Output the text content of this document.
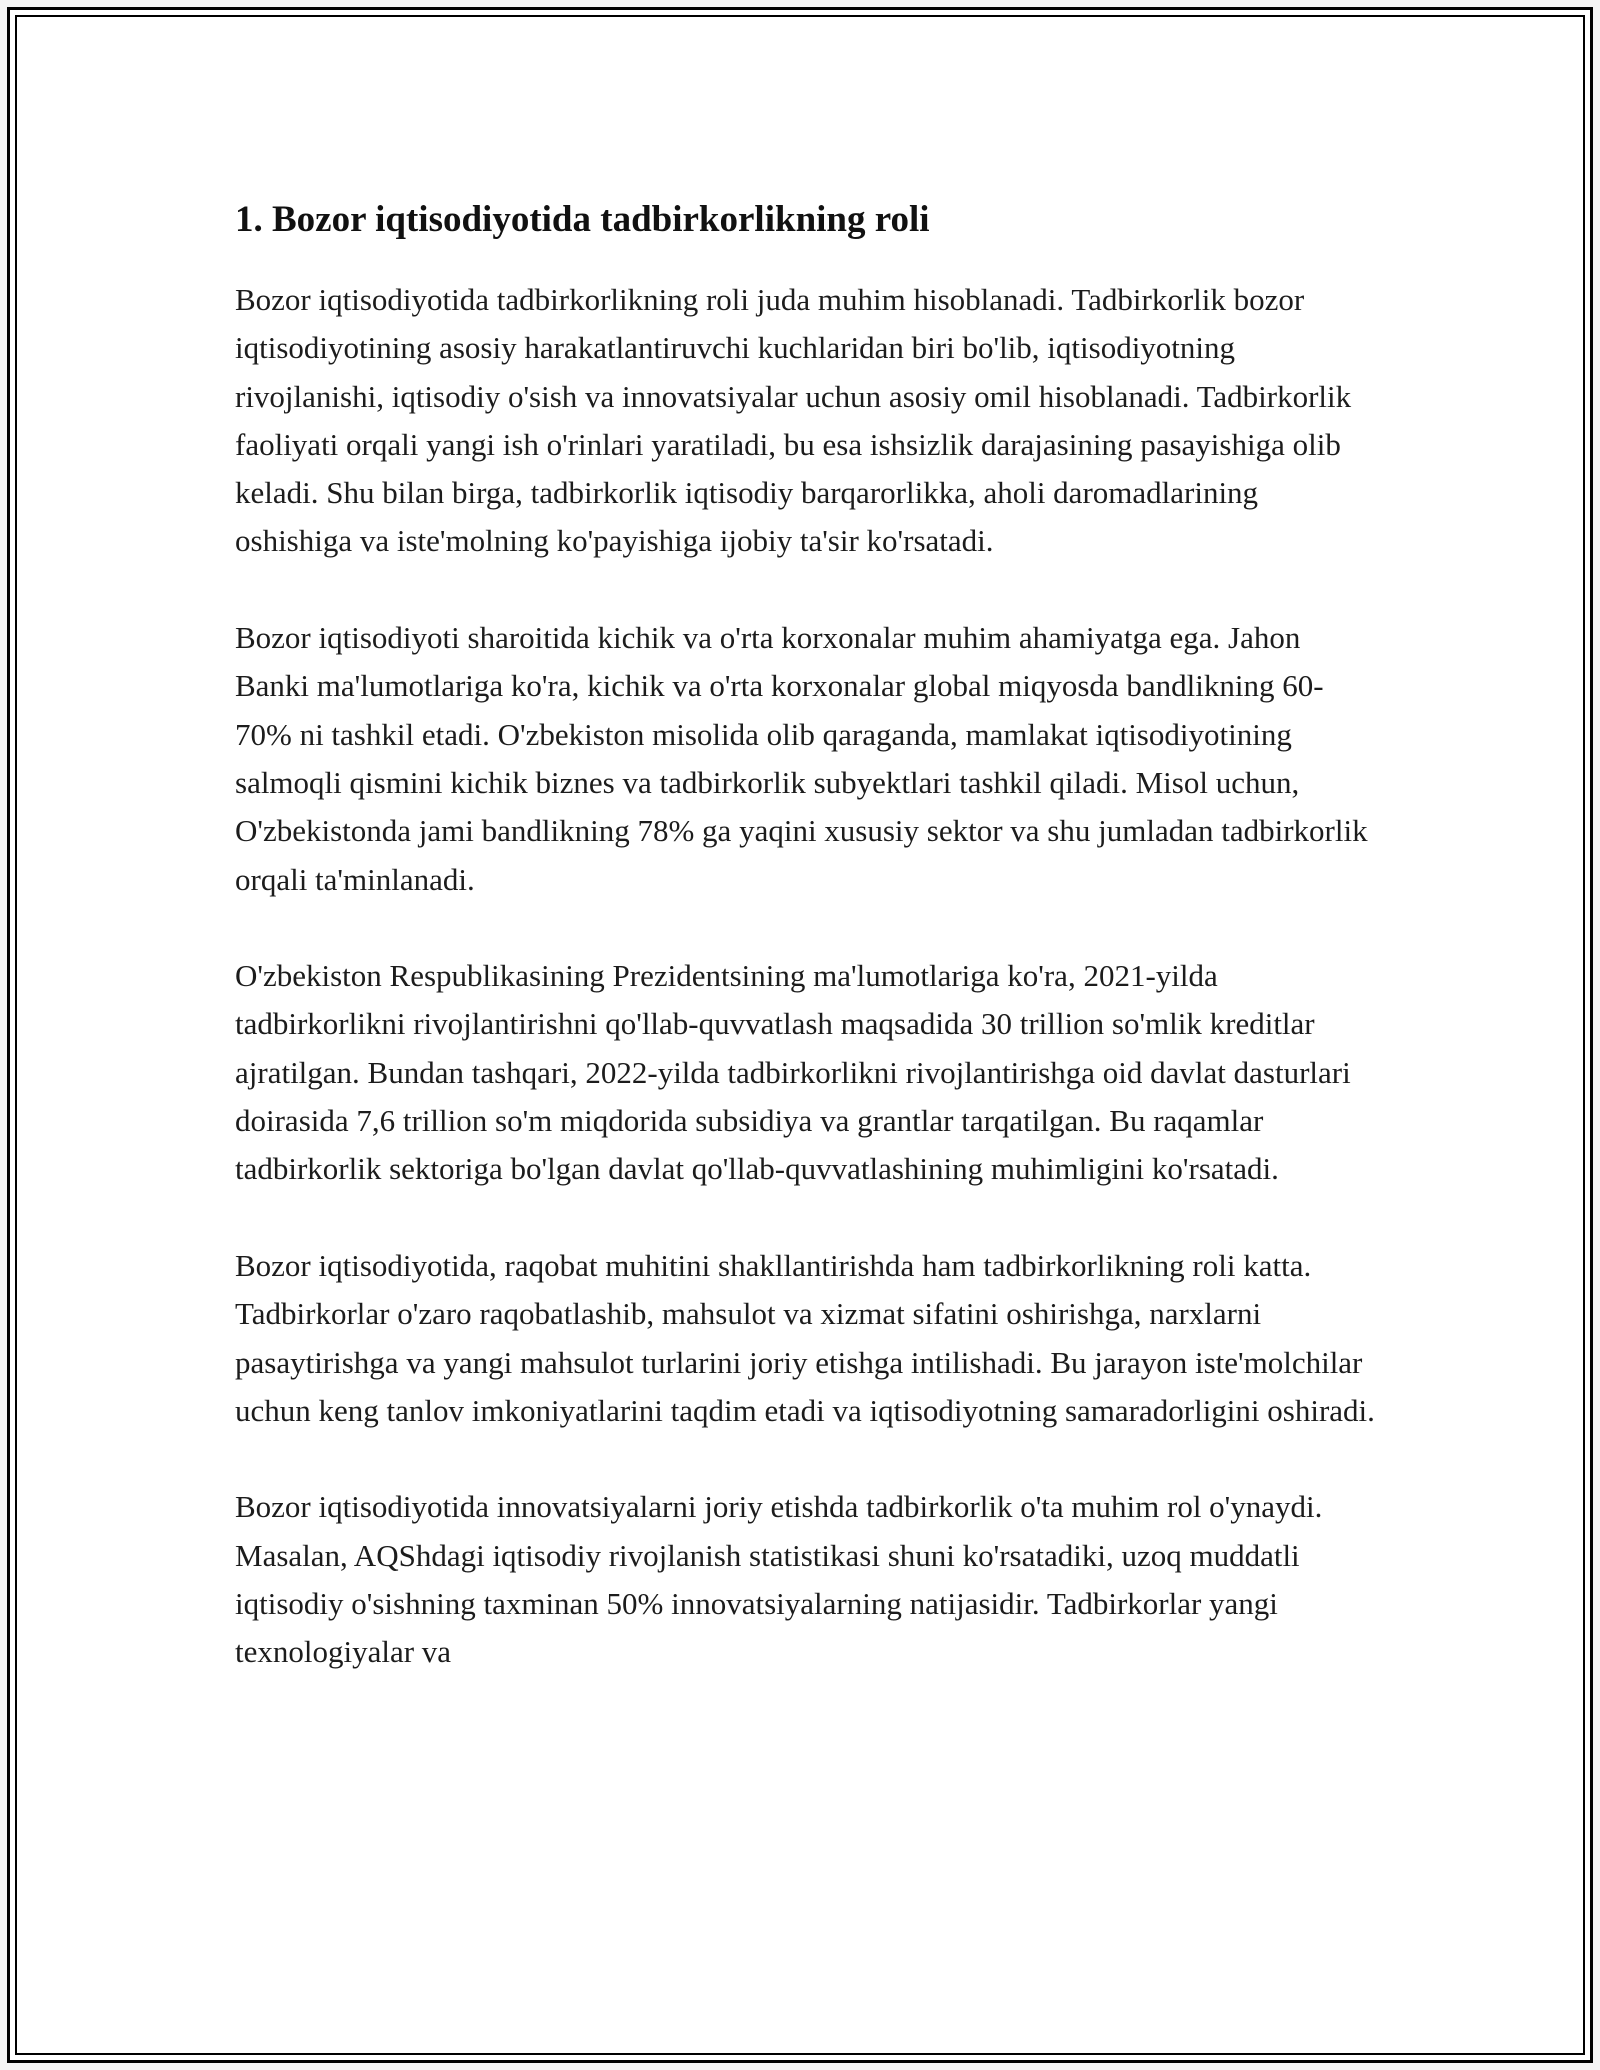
1. Bozor iqtisodiyotida tadbirkorlikning roli

Bozor iqtisodiyotida tadbirkorlikning roli juda muhim hisoblanadi. Tadbirkorlik bozor iqtisodiyotining asosiy harakatlantiruvchi kuchlaridan biri bo'lib, iqtisodiyotning rivojlanishi, iqtisodiy o'sish va innovatsiyalar uchun asosiy omil hisoblanadi. Tadbirkorlik faoliyati orqali yangi ish o'rinlari yaratiladi, bu esa ishsizlik darajasining pasayishiga olib keladi. Shu bilan birga, tadbirkorlik iqtisodiy barqarorlikka, aholi daromadlarining oshishiga va iste'molning ko'payishiga ijobiy ta'sir ko'rsatadi.

Bozor iqtisodiyoti sharoitida kichik va o'rta korxonalar muhim ahamiyatga ega. Jahon Banki ma'lumotlariga ko'ra, kichik va o'rta korxonalar global miqyosda bandlikning 60-70% ni tashkil etadi. O'zbekiston misolida olib qaraganda, mamlakat iqtisodiyotining salmoqli qismini kichik biznes va tadbirkorlik subyektlari tashkil qiladi. Misol uchun, O'zbekistonda jami bandlikning 78% ga yaqini xususiy sektor va shu jumladan tadbirkorlik orqali ta'minlanadi.

O'zbekiston Respublikasining Prezidentsining ma'lumotlariga ko'ra, 2021-yilda tadbirkorlikni rivojlantirishni qo'llab-quvvatlash maqsadida 30 trillion so'mlik kreditlar ajratilgan. Bundan tashqari, 2022-yilda tadbirkorlikni rivojlantirishga oid davlat dasturlari doirasida 7,6 trillion so'm miqdorida subsidiya va grantlar tarqatilgan. Bu raqamlar tadbirkorlik sektoriga bo'lgan davlat qo'llab-quvvatlashining muhimligini ko'rsatadi.

Bozor iqtisodiyotida, raqobat muhitini shakllantirishda ham tadbirkorlikning roli katta. Tadbirkorlar o'zaro raqobatlashib, mahsulot va xizmat sifatini oshirishga, narxlarni pasaytirishga va yangi mahsulot turlarini joriy etishga intilishadi. Bu jarayon iste'molchilar uchun keng tanlov imkoniyatlarini taqdim etadi va iqtisodiyotning samaradorligini oshiradi.

Bozor iqtisodiyotida innovatsiyalarni joriy etishda tadbirkorlik o'ta muhim rol o'ynaydi. Masalan, AQShdagi iqtisodiy rivojlanish statistikasi shuni ko'rsatadiki, uzoq muddatli iqtisodiy o'sishning taxminan 50% innovatsiyalarning natijasidir. Tadbirkorlar yangi texnologiyalar va
